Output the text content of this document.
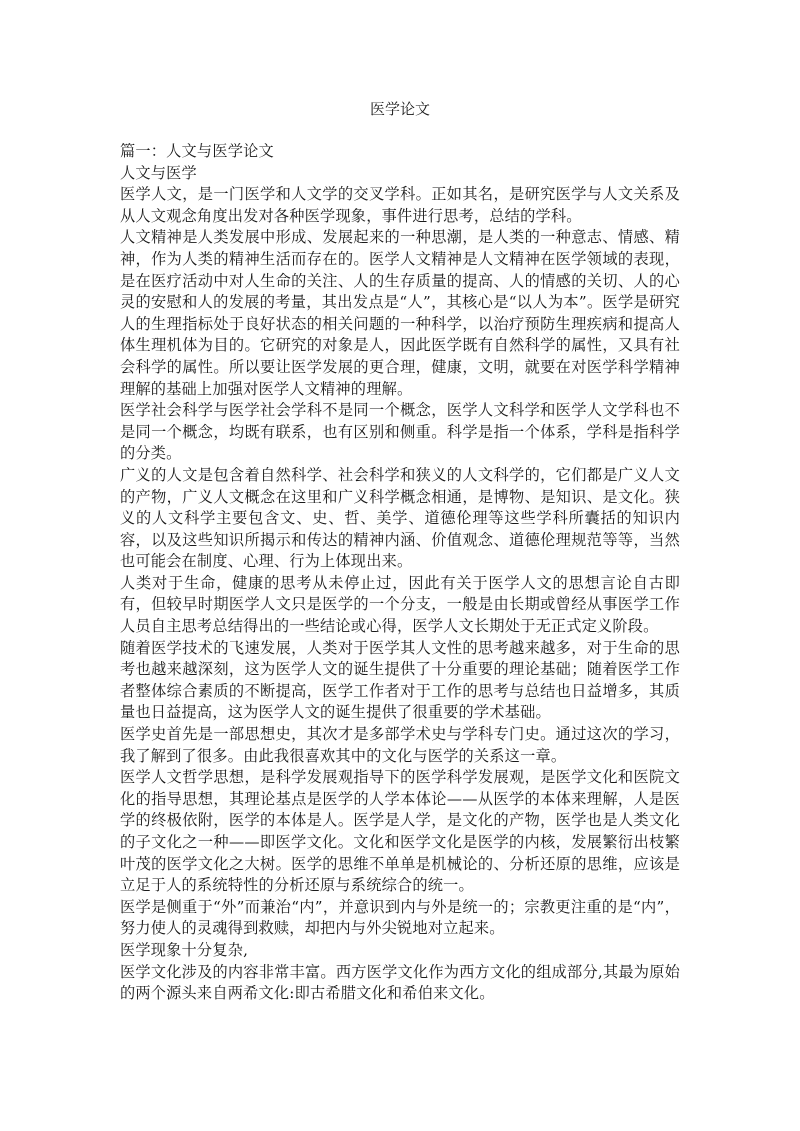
医学论文

篇一：人文与医学论文

人文与医学

医学人文，是一门医学和人文学的交叉学科。正如其名，是研究医学与人文关系及从人文观念角度出发对各种医学现象，事件进行思考，总结的学科。

人文精神是人类发展中形成、发展起来的一种思潮，是人类的一种意志、情感、精神，作为人类的精神生活而存在的。医学人文精神是人文精神在医学领域的表现，是在医疗活动中对人生命的关注、人的生存质量的提高、人的情感的关切、人的心灵的安慰和人的发展的考量，其出发点是“人”，其核心是“以人为本”。医学是研究人的生理指标处于良好状态的相关问题的一种科学，以治疗预防生理疾病和提高人体生理机体为目的。它研究的对象是人，因此医学既有自然科学的属性，又具有社会科学的属性。所以要让医学发展的更合理，健康，文明，就要在对医学科学精神理解的基础上加强对医学人文精神的理解。

医学社会科学与医学社会学科不是同一个概念，医学人文科学和医学人文学科也不是同一个概念，均既有联系，也有区别和侧重。科学是指一个体系，学科是指科学的分类。

广义的人文是包含着自然科学、社会科学和狭义的人文科学的，它们都是广义人文的产物，广义人文概念在这里和广义科学概念相通，是博物、是知识、是文化。狭义的人文科学主要包含文、史、哲、美学、道德伦理等这些学科所囊括的知识内容，以及这些知识所揭示和传达的精神内涵、价值观念、道德伦理规范等等，当然也可能会在制度、心理、行为上体现出来。

人类对于生命，健康的思考从未停止过，因此有关于医学人文的思想言论自古即有，但较早时期医学人文只是医学的一个分支，一般是由长期或曾经从事医学工作人员自主思考总结得出的一些结论或心得，医学人文长期处于无正式定义阶段。

随着医学技术的飞速发展，人类对于医学其人文性的思考越来越多，对于生命的思考也越来越深刻，这为医学人文的诞生提供了十分重要的理论基础；随着医学工作者整体综合素质的不断提高，医学工作者对于工作的思考与总结也日益增多，其质量也日益提高，这为医学人文的诞生提供了很重要的学术基础。

医学史首先是一部思想史，其次才是多部学术史与学科专门史。通过这次的学习，我了解到了很多。由此我很喜欢其中的文化与医学的关系这一章。

医学人文哲学思想，是科学发展观指导下的医学科学发展观，是医学文化和医院文化的指导思想，其理论基点是医学的人学本体论——从医学的本体来理解，人是医学的终极依附，医学的本体是人。医学是人学，是文化的产物，医学也是人类文化的子文化之一种——即医学文化。文化和医学文化是医学的内核，发展繁衍出枝繁叶茂的医学文化之大树。医学的思维不单单是机械论的、分析还原的思维，应该是立足于人的系统特性的分析还原与系统综合的统一。

医学是侧重于“外”而兼治“内”，并意识到内与外是统一的；宗教更注重的是“内”，努力使人的灵魂得到救赎，却把内与外尖锐地对立起来。

医学现象十分复杂,

医学文化涉及的内容非常丰富。西方医学文化作为西方文化的组成部分,其最为原始的两个源头来自两希文化:即古希腊文化和希伯来文化。
